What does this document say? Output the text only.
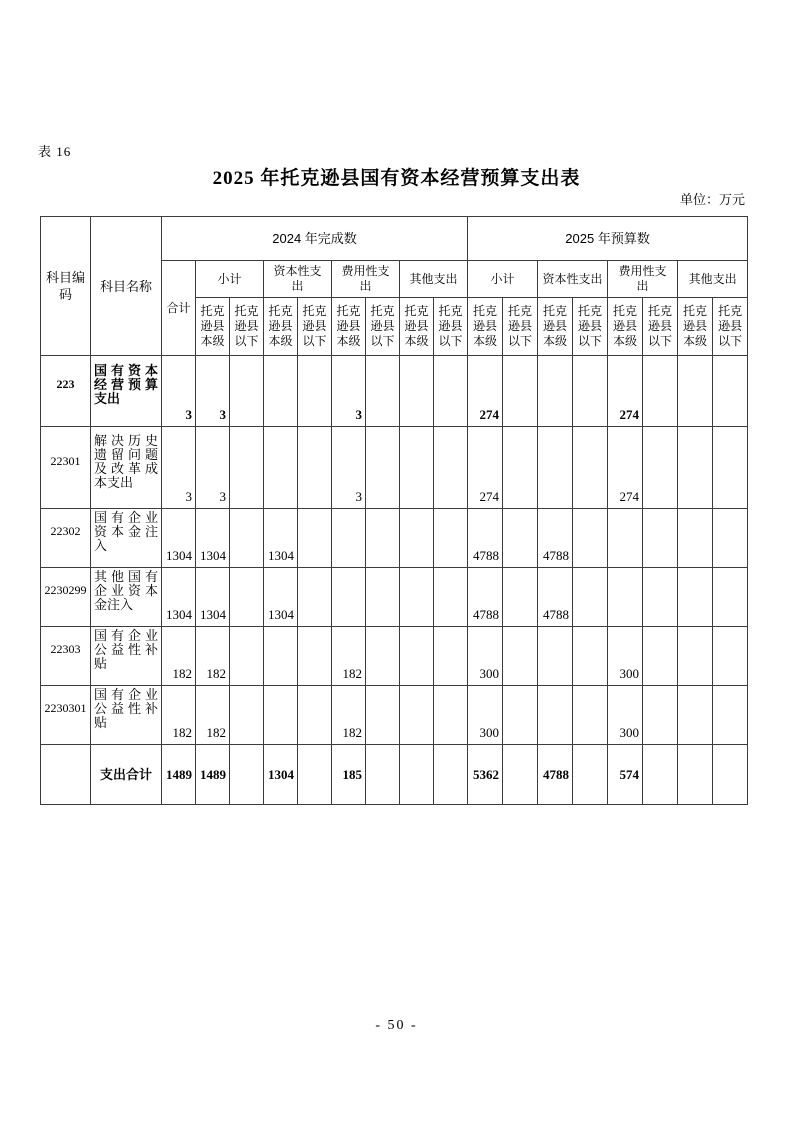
表 16
2025 年托克逊县国有资本经营预算支出表
单位：万元
科目编码	科目名称	2024 年完成数									2025 年预算数							
		合计	小计		资本性支出		费用性支出		其他支出		小计		资本性支出		费用性支出		其他支出	
			托克逊县本级	托克逊县以下	托克逊县本级	托克逊县以下	托克逊县本级	托克逊县以下	托克逊县本级	托克逊县以下	托克逊县本级	托克逊县以下	托克逊县本级	托克逊县以下	托克逊县本级	托克逊县以下	托克逊县本级	托克逊县以下
223	国有资本经营预算支出	3	3				3				274				274			
22301	解决历史遗留问题及改革成本支出	3	3				3				274				274			
22302	国有企业资本金注入	1304	1304		1304						4788		4788					
2230299	其他国有企业资本金注入	1304	1304		1304						4788		4788					
22303	国有企业公益性补贴	182	182				182				300				300			
2230301	国有企业公益性补贴	182	182				182				300				300			
	支出合计	1489	1489		1304		185				5362		4788		574			
- 50 -
